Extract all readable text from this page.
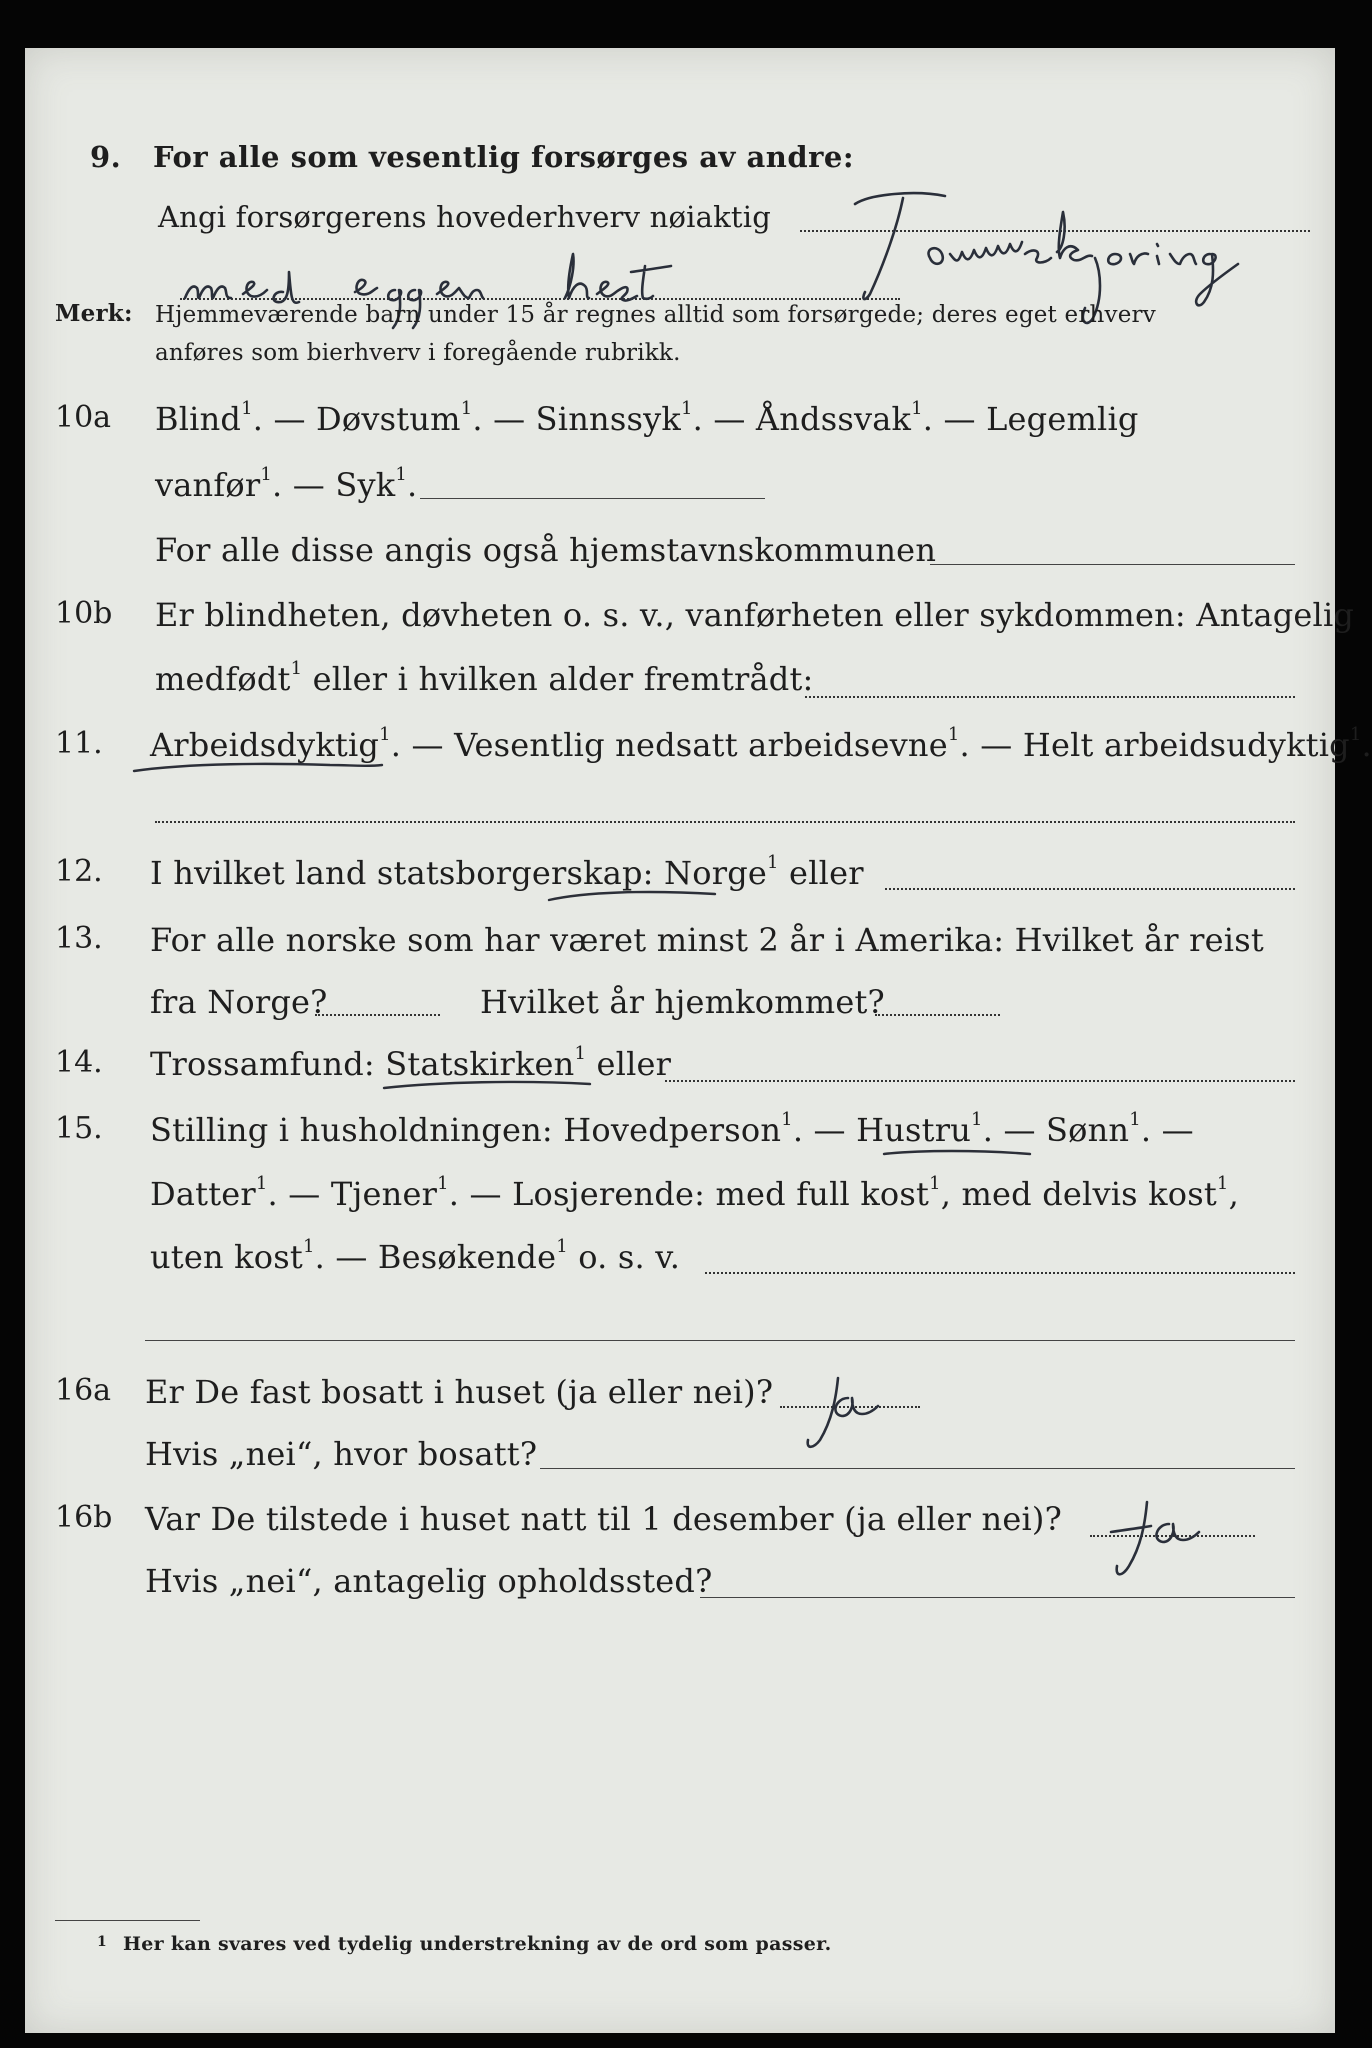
9. For alle som vesentlig forsørges av andre:
Angi forsørgerens hovederhverv nøiaktig
Merk: Hjemmeværende barn under 15 år regnes alltid som forsørgede; deres eget erhverv
anføres som bierhverv i foregående rubrikk.
10a Blind$^1$. — Døvstum$^1$. — Sinnssyk$^1$. — Åndssvak$^1$. — Legemlig
vanfør$^1$. — Syk$^1$.
For alle disse angis også hjemstavnskommunen
10b Er blindheten, døvheten o. s. v., vanførheten eller sykdommen: Antagelig
medfødt$^1$ eller i hvilken alder fremtrådt:
11. Arbeidsdyktig$^1$. — Vesentlig nedsatt arbeidsevne$^1$. — Helt arbeidsudyktig$^1$.
12. I hvilket land statsborgerskap: Norge$^1$ eller
13. For alle norske som har været minst 2 år i Amerika: Hvilket år reist
fra Norge?	Hvilket år hjemkommet?
14. Trossamfund: Statskirken$^1$ eller
15. Stilling i husholdningen: Hovedperson$^1$. — Hustru$^1$. — Sønn$^1$. —
Datter$^1$. — Tjener$^1$. — Losjerende: med full kost$^1$, med delvis kost$^1$,
uten kost$^1$. — Besøkende$^1$ o. s. v.
16a Er De fast bosatt i huset (ja eller nei)?
Hvis „nei“, hvor bosatt?
16b Var De tilstede i huset natt til 1 desember (ja eller nei)?
Hvis „nei“, antagelig opholdssted?
1 Her kan svares ved tydelig understrekning av de ord som passer.
